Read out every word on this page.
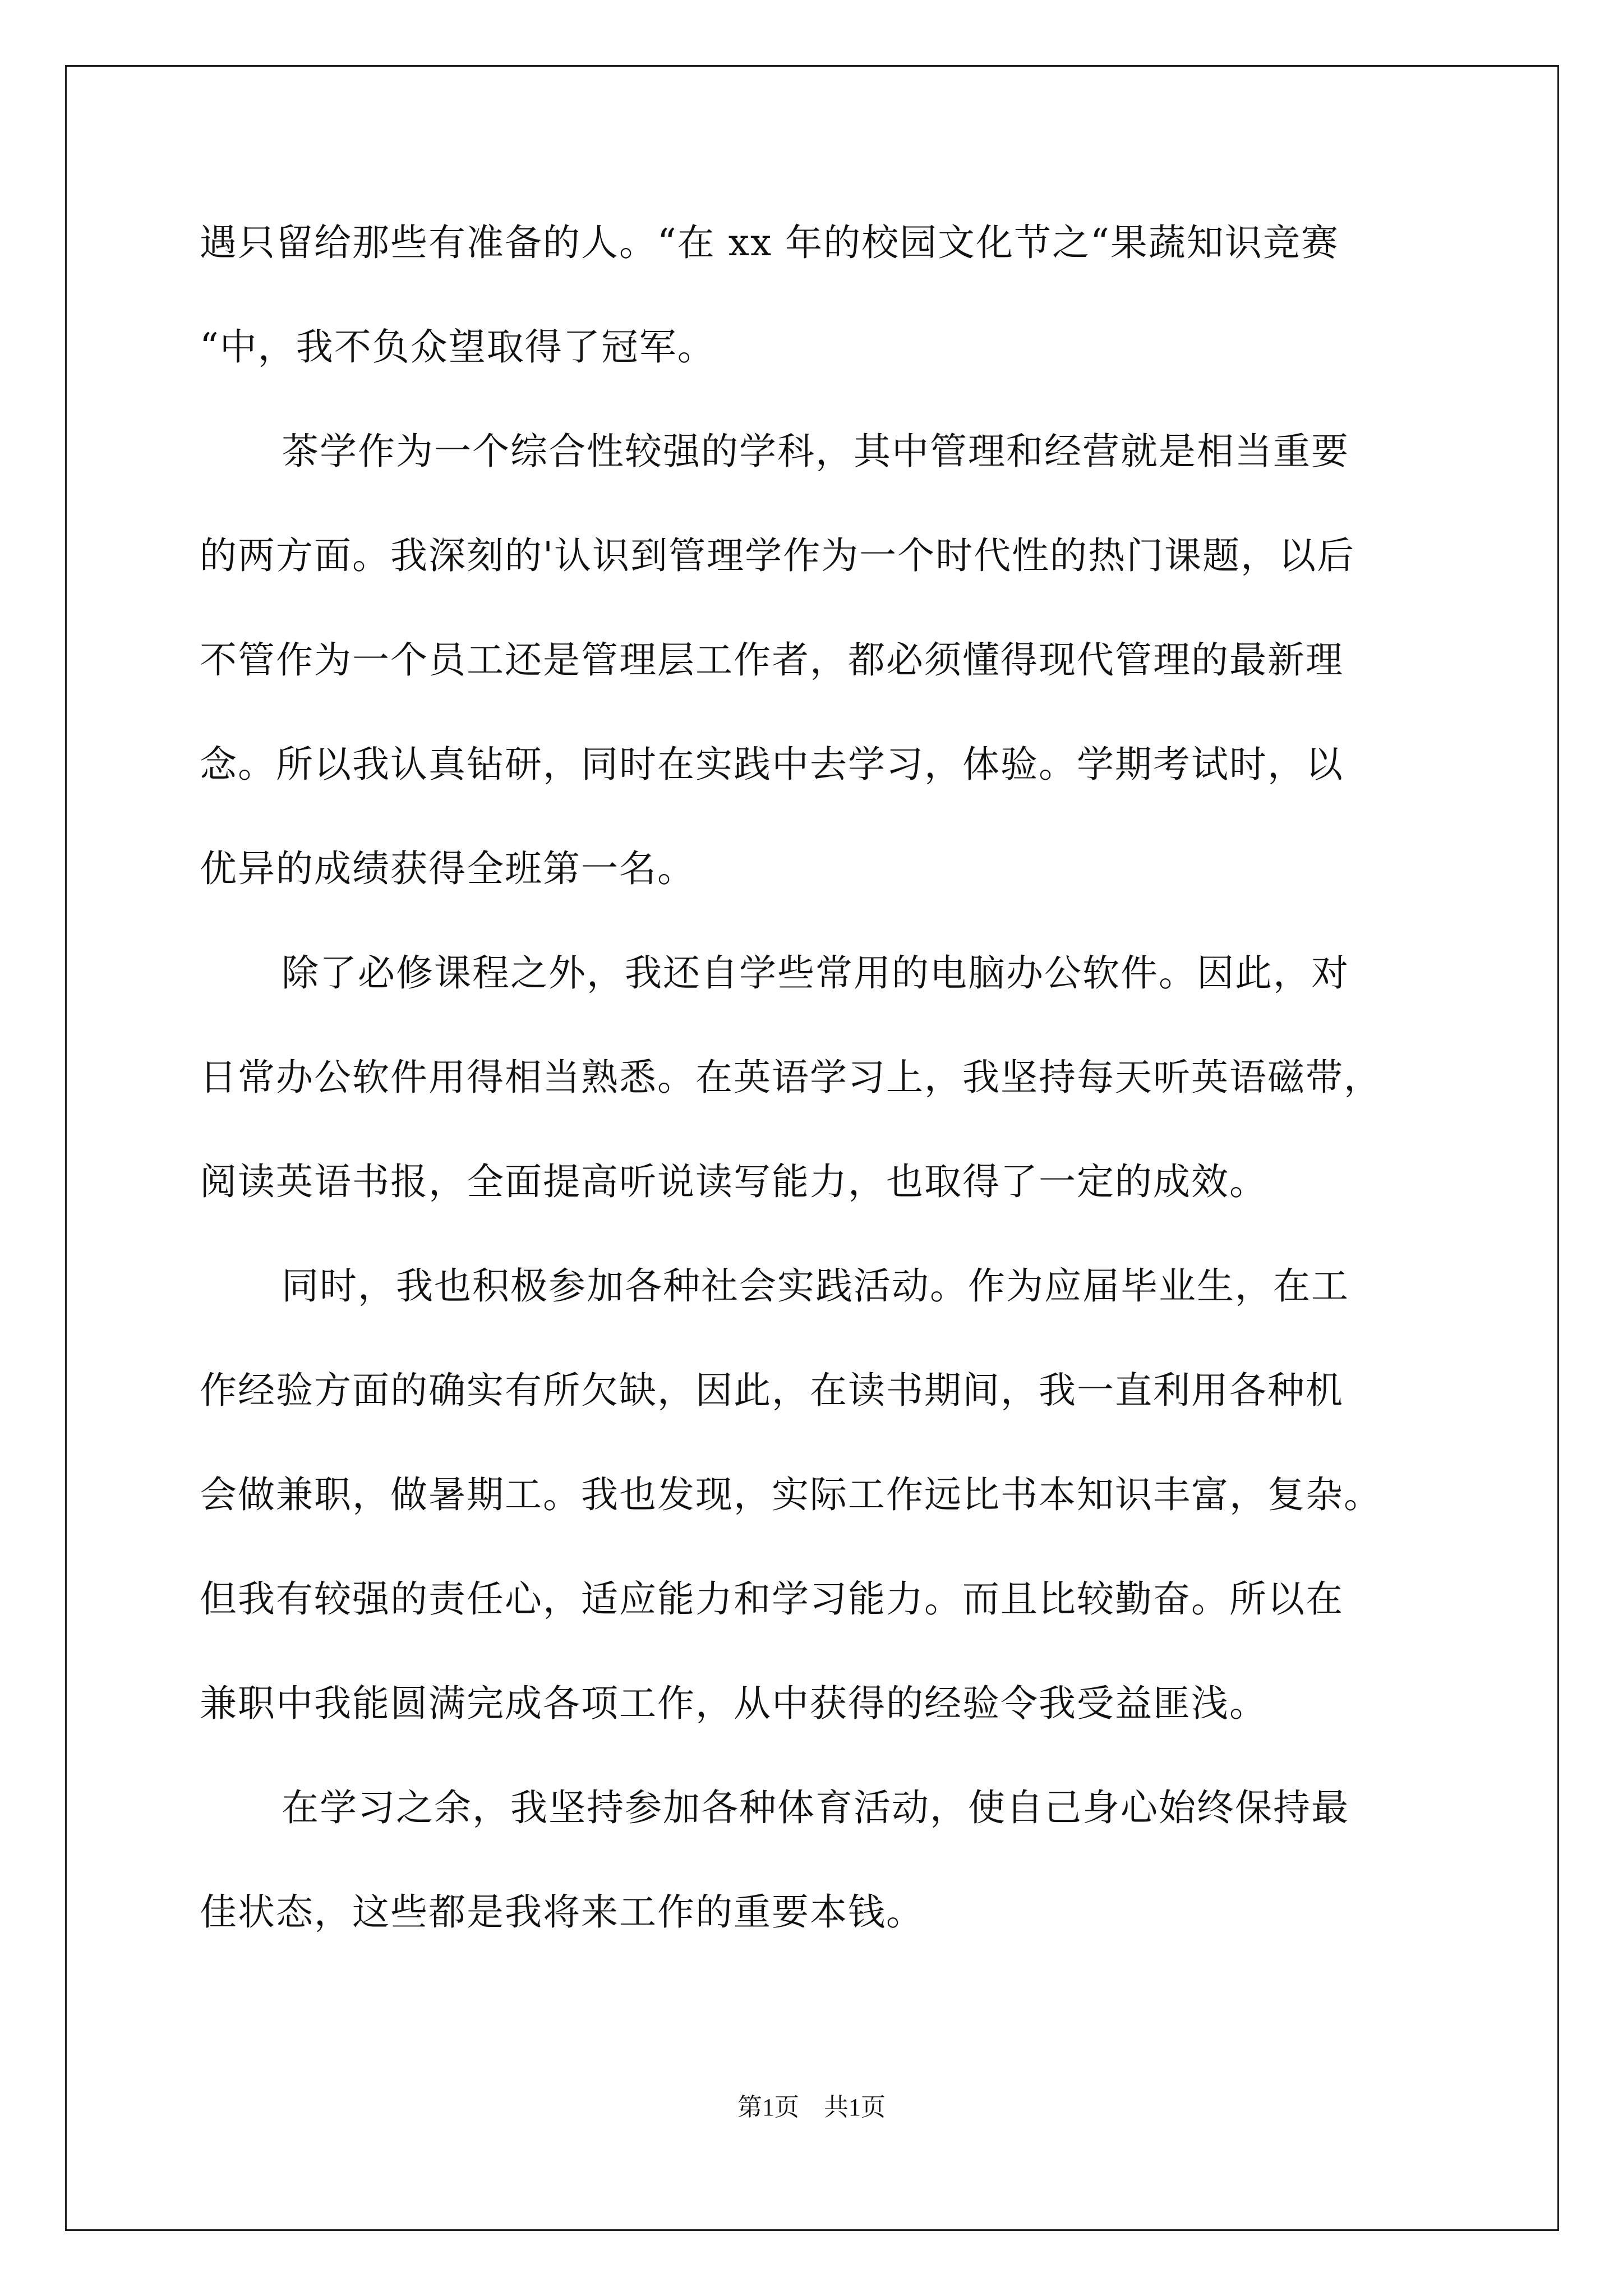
遇只留给那些有准备的人。“在 xx 年的校园文化节之“果蔬知识竞赛
“中，我不负众望取得了冠军。
茶学作为一个综合性较强的学科，其中管理和经营就是相当重要
的两方面。我深刻的'认识到管理学作为一个时代性的热门课题，以后
不管作为一个员工还是管理层工作者，都必须懂得现代管理的最新理
念。所以我认真钻研，同时在实践中去学习，体验。学期考试时，以
优异的成绩获得全班第一名。
除了必修课程之外，我还自学些常用的电脑办公软件。因此，对
日常办公软件用得相当熟悉。在英语学习上，我坚持每天听英语磁带，
阅读英语书报，全面提高听说读写能力，也取得了一定的成效。
同时，我也积极参加各种社会实践活动。作为应届毕业生，在工
作经验方面的确实有所欠缺，因此，在读书期间，我一直利用各种机
会做兼职，做暑期工。我也发现，实际工作远比书本知识丰富，复杂。
但我有较强的责任心，适应能力和学习能力。而且比较勤奋。所以在
兼职中我能圆满完成各项工作，从中获得的经验令我受益匪浅。
在学习之余，我坚持参加各种体育活动，使自己身心始终保持最
佳状态，这些都是我将来工作的重要本钱。
第1页　共1页
